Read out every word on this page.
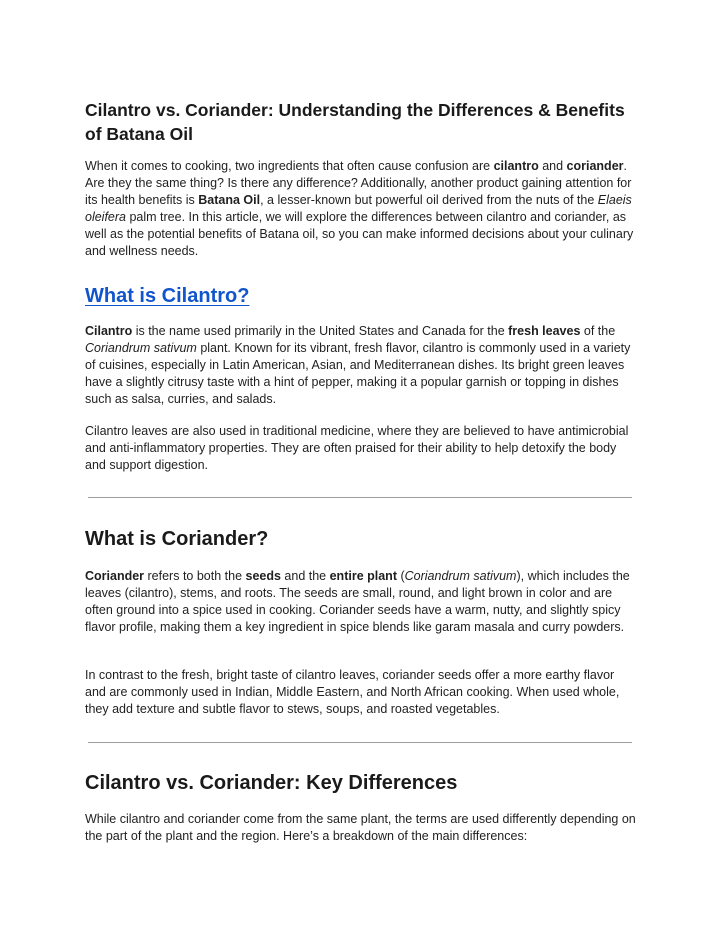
Cilantro vs. Coriander: Understanding the Differences & Benefits
of Batana Oil

When it comes to cooking, two ingredients that often cause confusion are cilantro and coriander. Are they the same thing? Is there any difference? Additionally, another product gaining attention for its health benefits is Batana Oil, a lesser-known but powerful oil derived from the nuts of the Elaeis oleifera palm tree. In this article, we will explore the differences between cilantro and coriander, as well as the potential benefits of Batana oil, so you can make informed decisions about your culinary and wellness needs.

What is Cilantro?

Cilantro is the name used primarily in the United States and Canada for the fresh leaves of the Coriandrum sativum plant. Known for its vibrant, fresh flavor, cilantro is commonly used in a variety of cuisines, especially in Latin American, Asian, and Mediterranean dishes. Its bright green leaves have a slightly citrusy taste with a hint of pepper, making it a popular garnish or topping in dishes such as salsa, curries, and salads.

Cilantro leaves are also used in traditional medicine, where they are believed to have antimicrobial and anti-inflammatory properties. They are often praised for their ability to help detoxify the body and support digestion.

What is Coriander?

Coriander refers to both the seeds and the entire plant (Coriandrum sativum), which includes the leaves (cilantro), stems, and roots. The seeds are small, round, and light brown in color and are often ground into a spice used in cooking. Coriander seeds have a warm, nutty, and slightly spicy flavor profile, making them a key ingredient in spice blends like garam masala and curry powders.

In contrast to the fresh, bright taste of cilantro leaves, coriander seeds offer a more earthy flavor and are commonly used in Indian, Middle Eastern, and North African cooking. When used whole, they add texture and subtle flavor to stews, soups, and roasted vegetables.

Cilantro vs. Coriander: Key Differences

While cilantro and coriander come from the same plant, the terms are used differently depending on the part of the plant and the region. Here’s a breakdown of the main differences:
